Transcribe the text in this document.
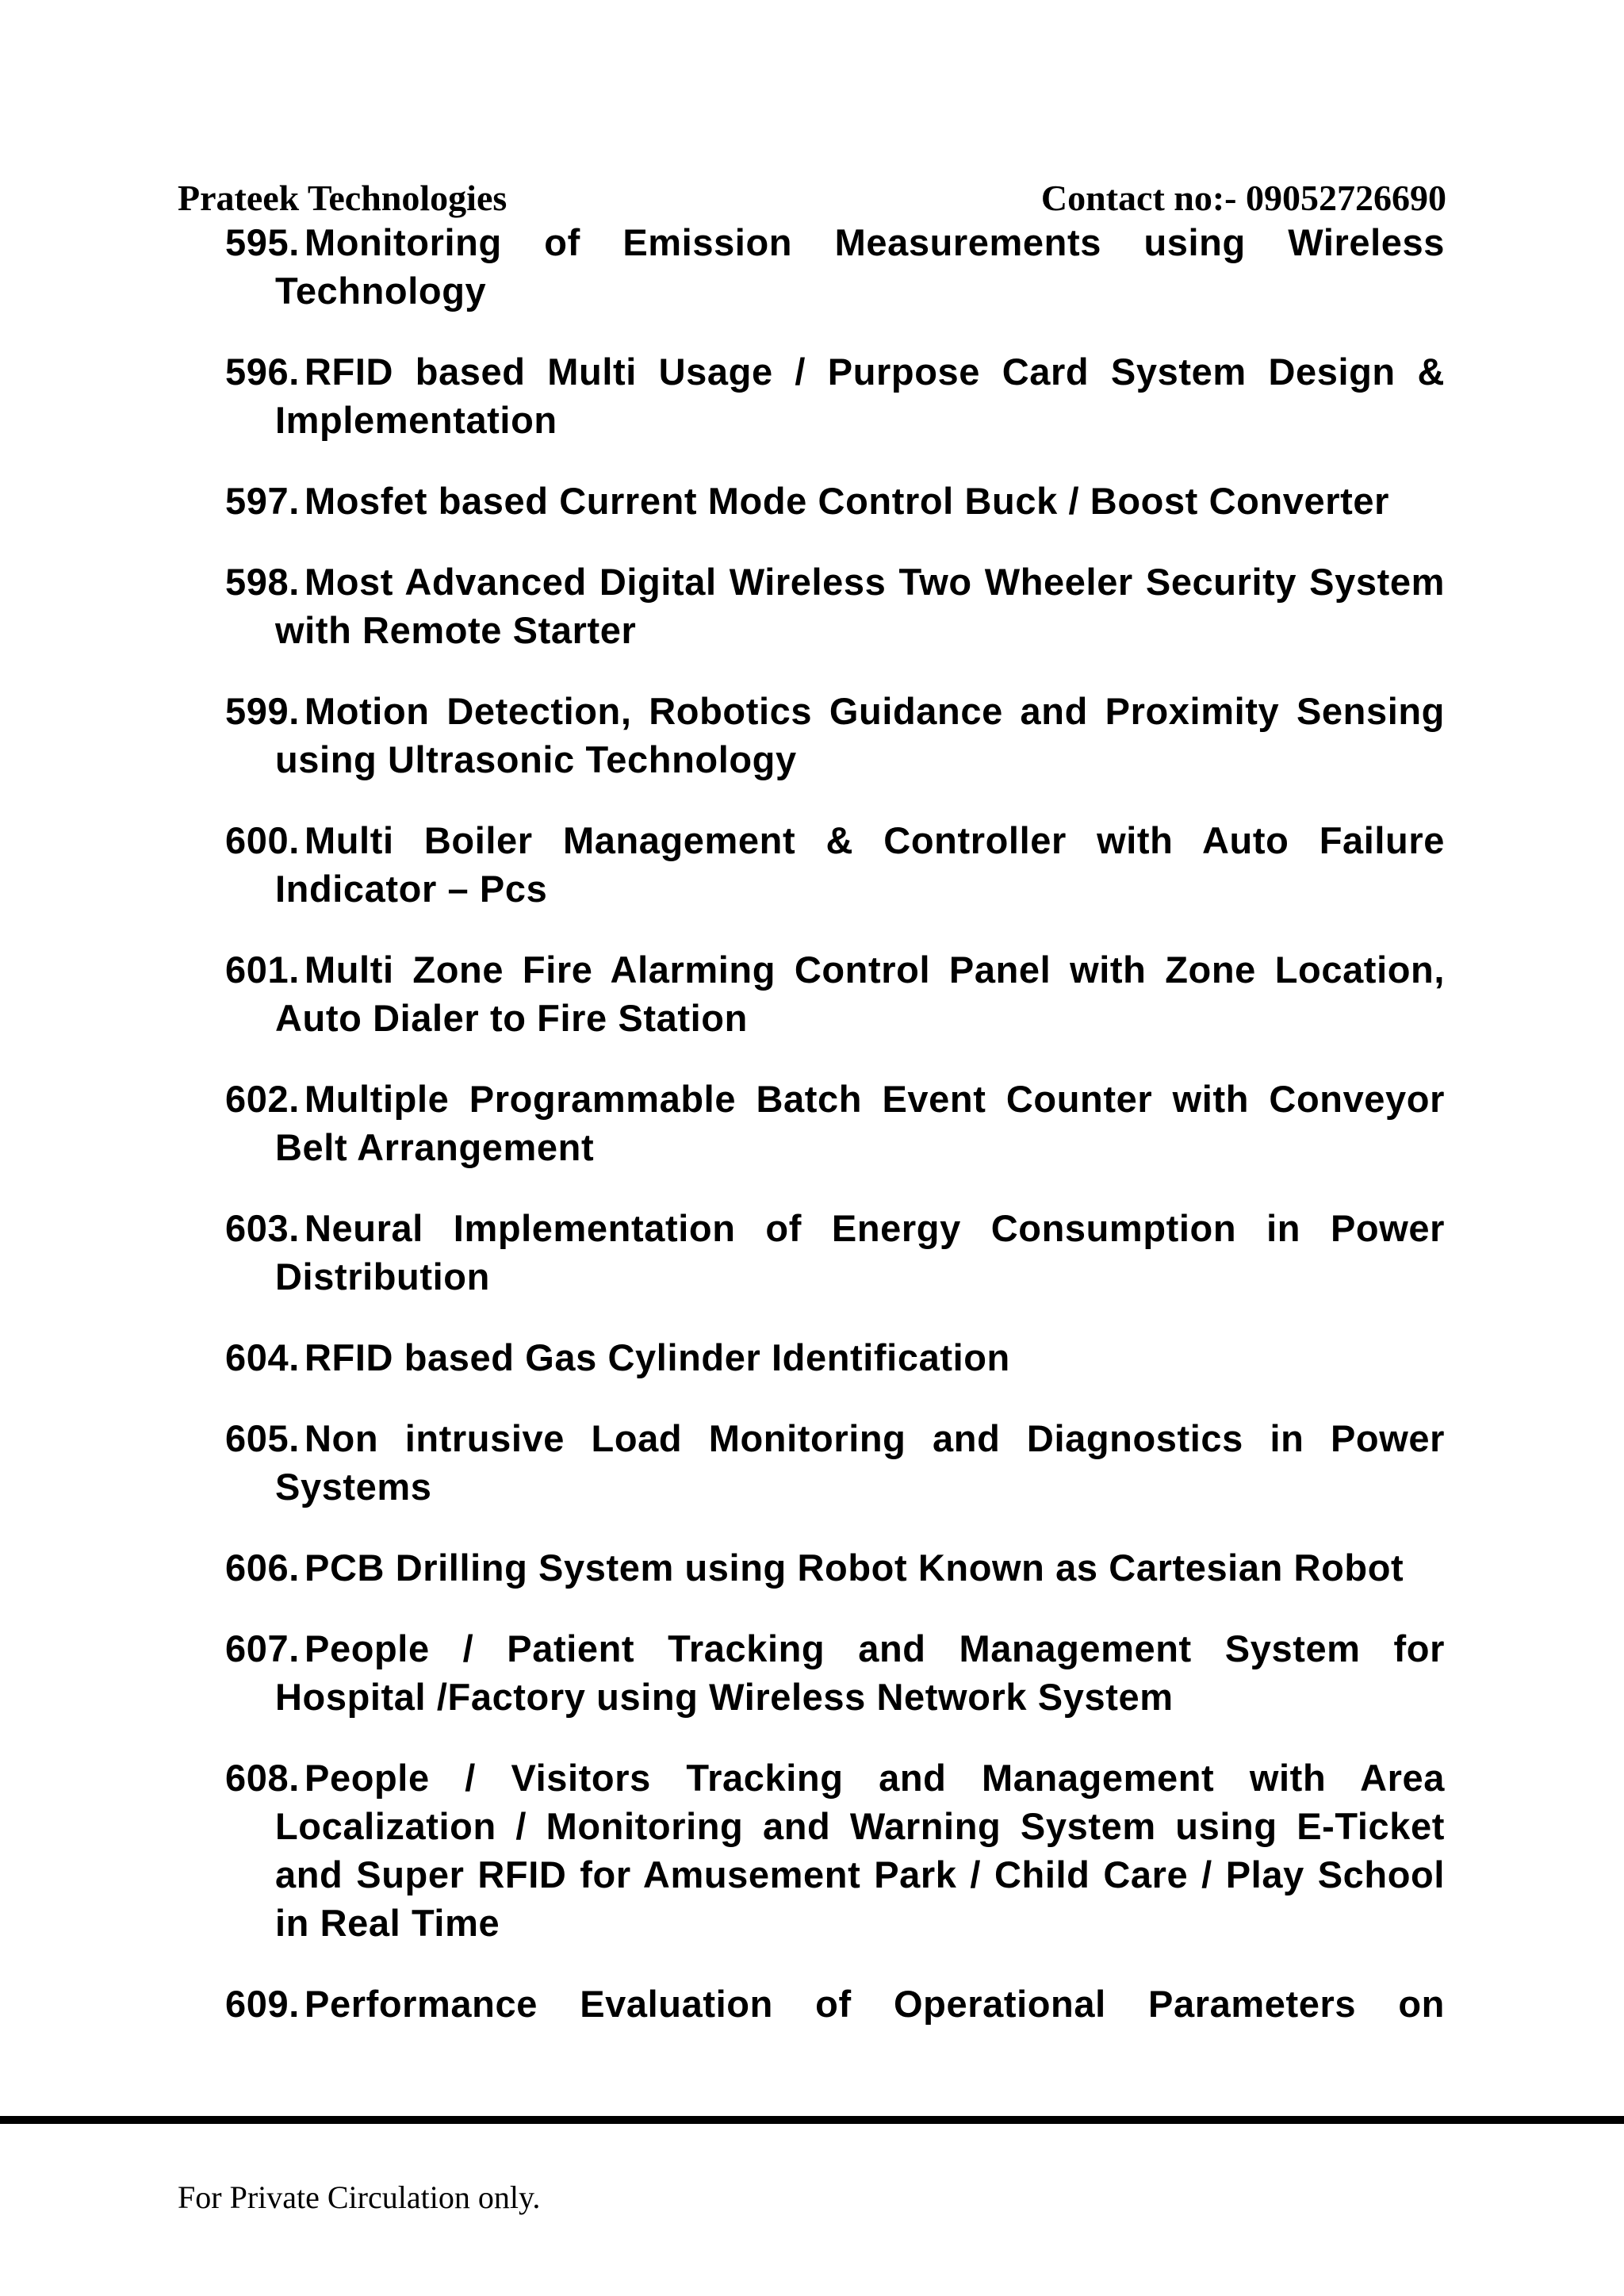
Prateek Technologies	Contact no:- 09052726690
595. Monitoring of Emission Measurements using Wireless Technology
596. RFID based Multi Usage / Purpose Card System Design & Implementation
597. Mosfet based Current Mode Control Buck / Boost Converter
598. Most Advanced Digital Wireless Two Wheeler Security System with Remote Starter
599. Motion Detection, Robotics Guidance and Proximity Sensing using Ultrasonic Technology
600. Multi Boiler Management & Controller with Auto Failure Indicator – Pcs
601. Multi Zone Fire Alarming Control Panel with Zone Location, Auto Dialer to Fire Station
602. Multiple Programmable Batch Event Counter with Conveyor Belt Arrangement
603. Neural Implementation of Energy Consumption in Power Distribution
604. RFID based Gas Cylinder Identification
605. Non intrusive Load Monitoring and Diagnostics in Power Systems
606. PCB Drilling System using Robot Known as Cartesian Robot
607. People / Patient Tracking and Management System for Hospital /Factory using Wireless Network System
608. People / Visitors Tracking and Management with Area Localization / Monitoring and Warning System using E-Ticket and Super RFID for Amusement Park / Child Care / Play School in Real Time
609. Performance Evaluation of Operational Parameters on
For Private Circulation only.
